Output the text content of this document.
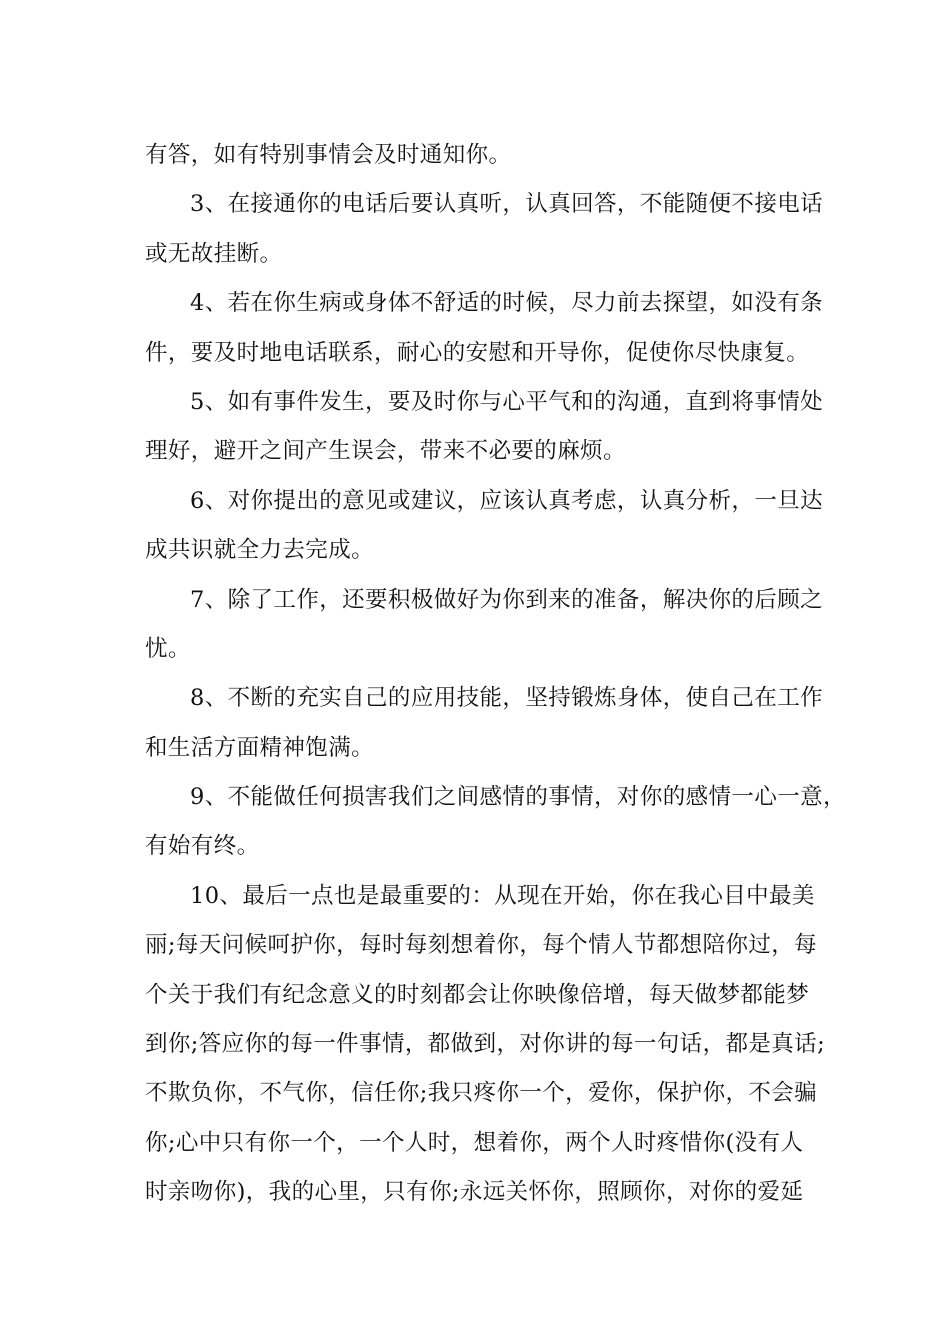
有答，如有特别事情会及时通知你。
3、在接通你的电话后要认真听，认真回答，不能随便不接电话
或无故挂断。
4、若在你生病或身体不舒适的时候，尽力前去探望，如没有条
件，要及时地电话联系，耐心的安慰和开导你，促使你尽快康复。
5、如有事件发生，要及时你与心平气和的沟通，直到将事情处
理好，避开之间产生误会，带来不必要的麻烦。
6、对你提出的意见或建议，应该认真考虑，认真分析，一旦达
成共识就全力去完成。
7、除了工作，还要积极做好为你到来的准备，解决你的后顾之
忧。
8、不断的充实自己的应用技能，坚持锻炼身体，使自己在工作
和生活方面精神饱满。
9、不能做任何损害我们之间感情的事情，对你的感情一心一意，
有始有终。
10、最后一点也是最重要的：从现在开始，你在我心目中最美
丽;每天问候呵护你，每时每刻想着你，每个情人节都想陪你过，每
个关于我们有纪念意义的时刻都会让你映像倍增，每天做梦都能梦
到你;答应你的每一件事情，都做到，对你讲的每一句话，都是真话;
不欺负你，不气你，信任你;我只疼你一个，爱你，保护你，不会骗
你;心中只有你一个，一个人时，想着你，两个人时疼惜你(没有人
时亲吻你)，我的心里，只有你;永远关怀你，照顾你，对你的爱延
